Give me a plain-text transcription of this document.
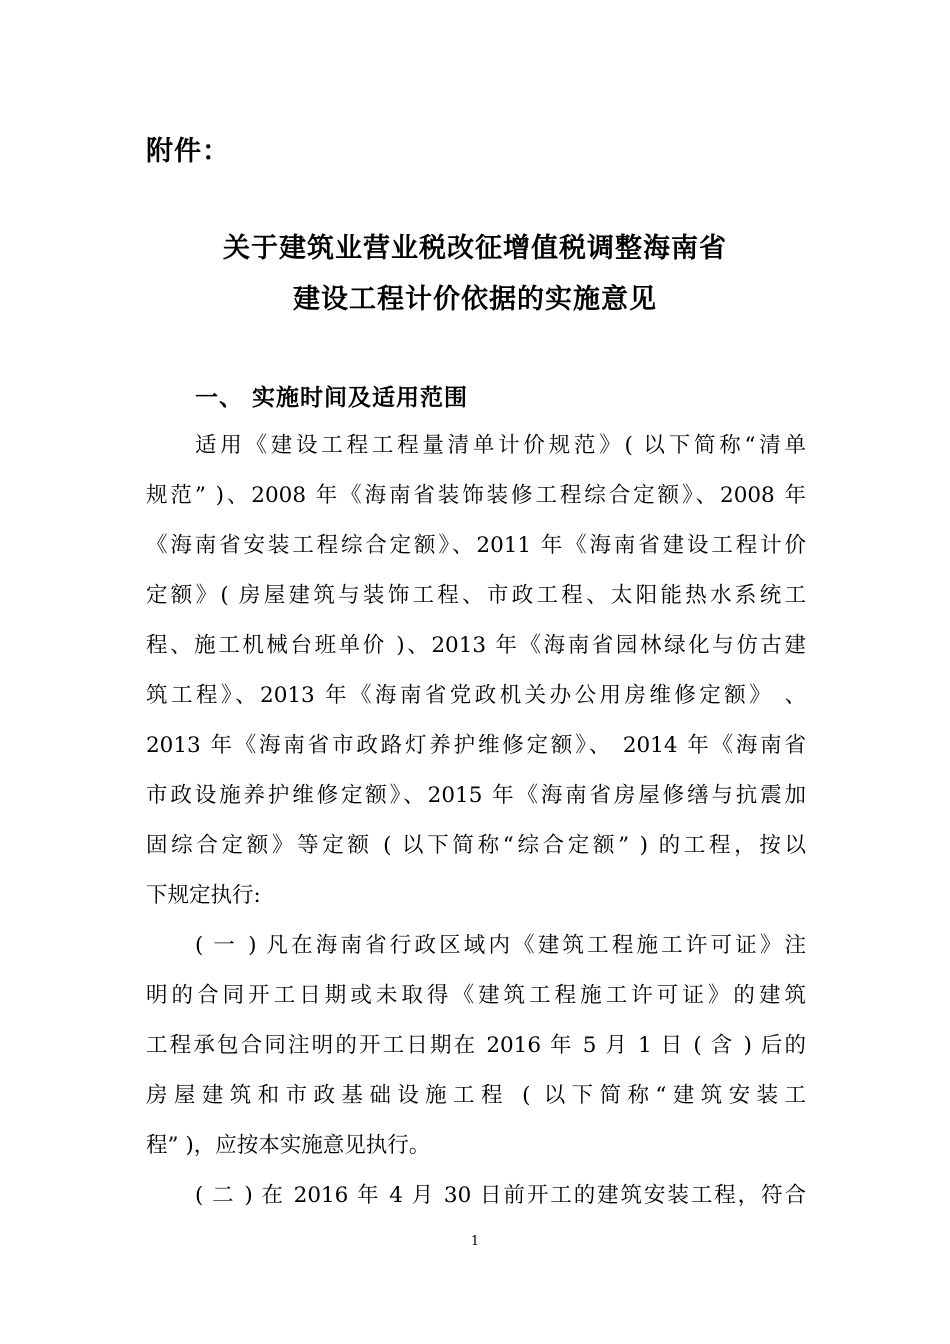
附件：
关于建筑业营业税改征增值税调整海南省
建设工程计价依据的实施意见
一、 实施时间及适用范围
适用《建设工程工程量清单计价规范》( 以下简称“清单
规范” )、2008 年《海南省装饰装修工程综合定额》、2008 年
《海南省安装工程综合定额》、2011 年《海南省建设工程计价
定额》( 房屋建筑与装饰工程、市政工程、太阳能热水系统工
程、施工机械台班单价 )、2013 年《海南省园林绿化与仿古建
筑工程》、2013 年《海南省党政机关办公用房维修定额》 、
2013 年《海南省市政路灯养护维修定额》、 2014 年《海南省
市政设施养护维修定额》、2015 年《海南省房屋修缮与抗震加
固综合定额》等定额 ( 以下简称“综合定额” ) 的工程，按以
下规定执行:
( 一 ) 凡在海南省行政区域内《建筑工程施工许可证》注
明的合同开工日期或未取得《建筑工程施工许可证》的建筑
工程承包合同注明的开工日期在 2016 年 5 月 1 日 ( 含 ) 后的
房屋建筑和市政基础设施工程 ( 以下简称“建筑安装工
程” )，应按本实施意见执行。
( 二 ) 在 2016 年 4 月 30 日前开工的建筑安装工程，符合
1
